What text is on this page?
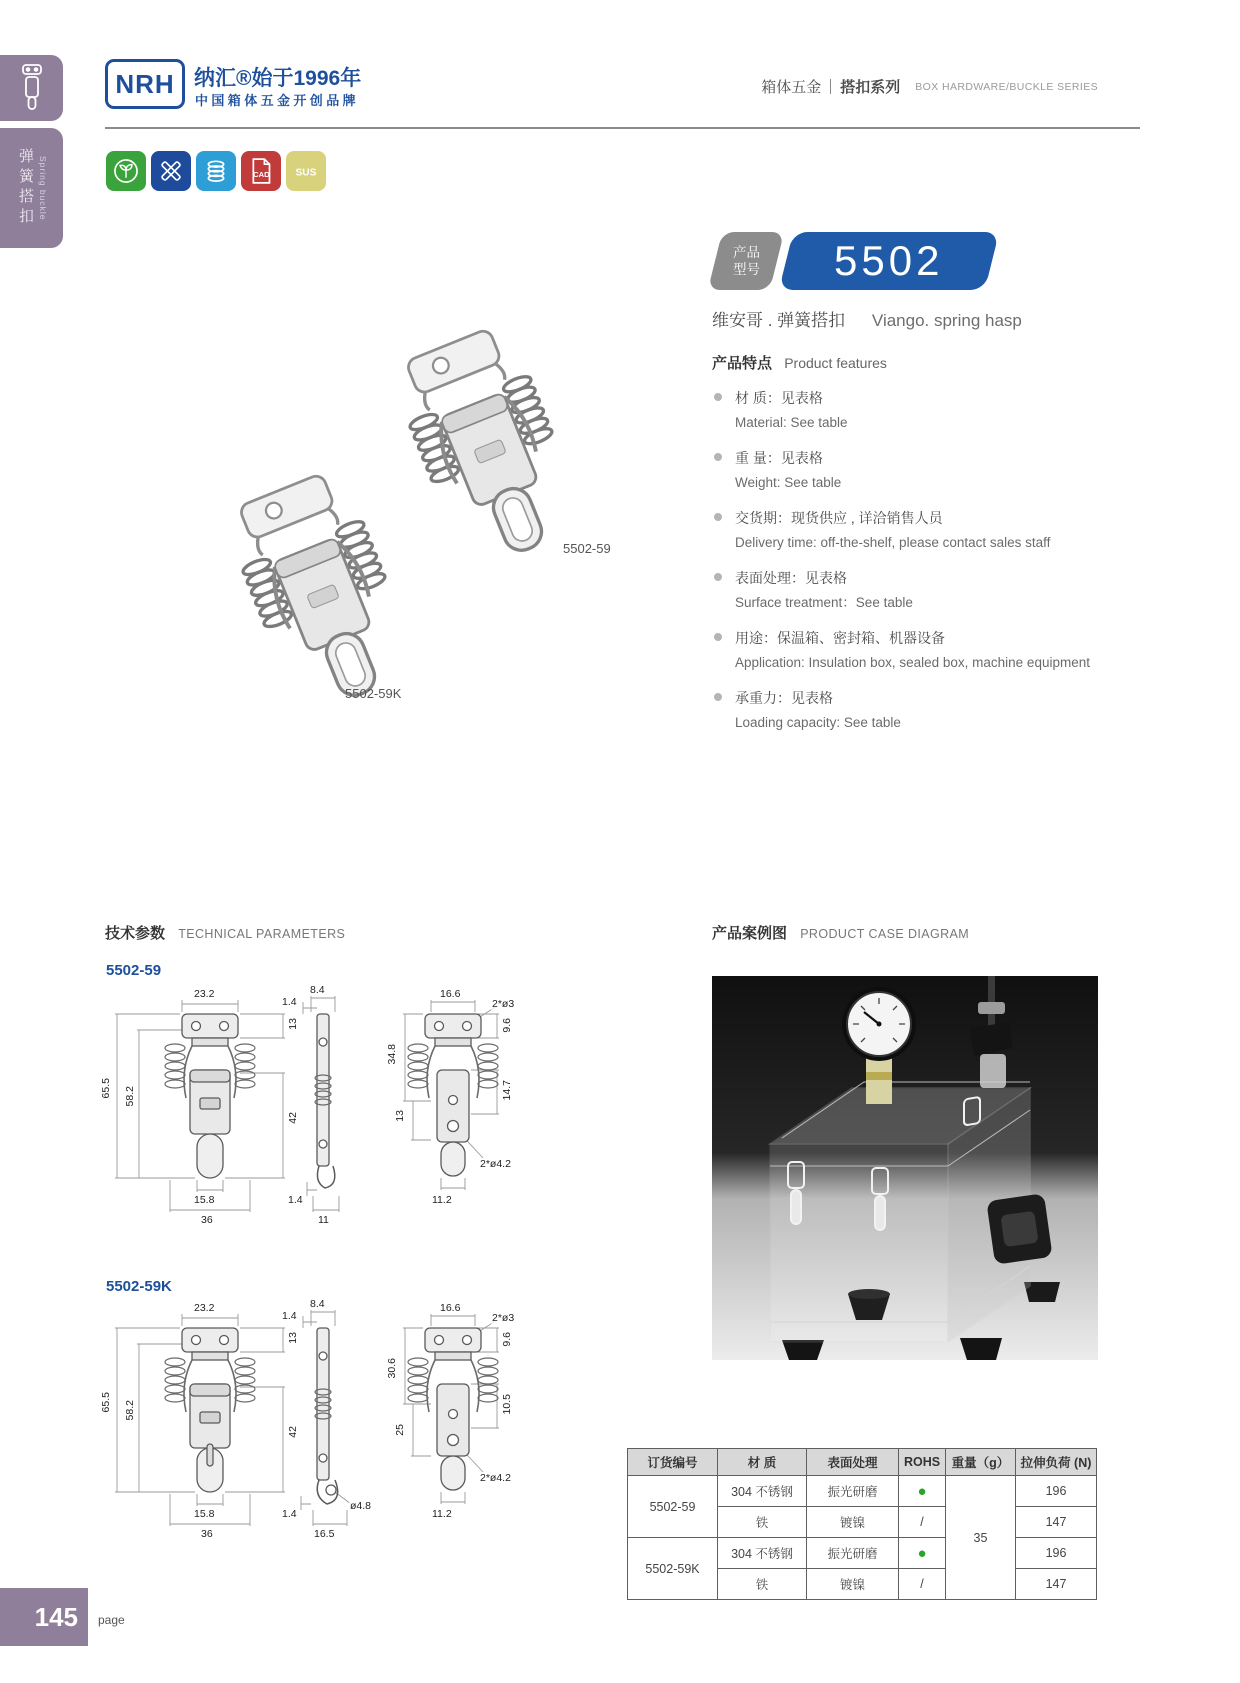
弹簧搭扣 Spring buckle
NRH 纳汇®始于1996年
中国箱体五金开创品牌
箱体五金 搭扣系列 BOX HARDWARE/BUCKLE SERIES
CAD SUS
5502-59
5502-59K
产品
型号 5502
维安哥 . 弹簧搭扣 Viango. spring hasp
产品特点 Product features
材 质：见表格
Material: See table
重 量：见表格
Weight: See table
交货期：现货供应 , 详洽销售人员
Delivery time: off-the-shelf, please contact sales staff
表面处理：见表格
Surface treatment：See table
用途：保温箱、密封箱、机器设备
Application: Insulation box, sealed box, machine equipment
承重力：见表格
Loading capacity: See table
技术参数 TECHNICAL PARAMETERS	产品案例图 PRODUCT CASE DIAGRAM
5502-59
23.2
13
65.5 58.2
42
15.8
36
8.4
1.4
1.4
11
16.6
2*ø3
9.6
34.8
14.7
13
2*ø4.2
11.2
5502-59K
23.2
13
65.5 58.2
42
15.8
36
8.4
1.4
1.4
16.5
ø4.8
16.6
2*ø3
9.6
30.6
10.5
25
2*ø4.2
11.2
订货编号	材 质	表面处理	ROHS	重量（g）	拉伸负荷 (N)
5502-59	304 不锈钢	振光研磨	●	35	196
	铁	镀镍	/		147
5502-59K	304 不锈钢	振光研磨	●		196
	铁	镀镍	/		147
145 page
